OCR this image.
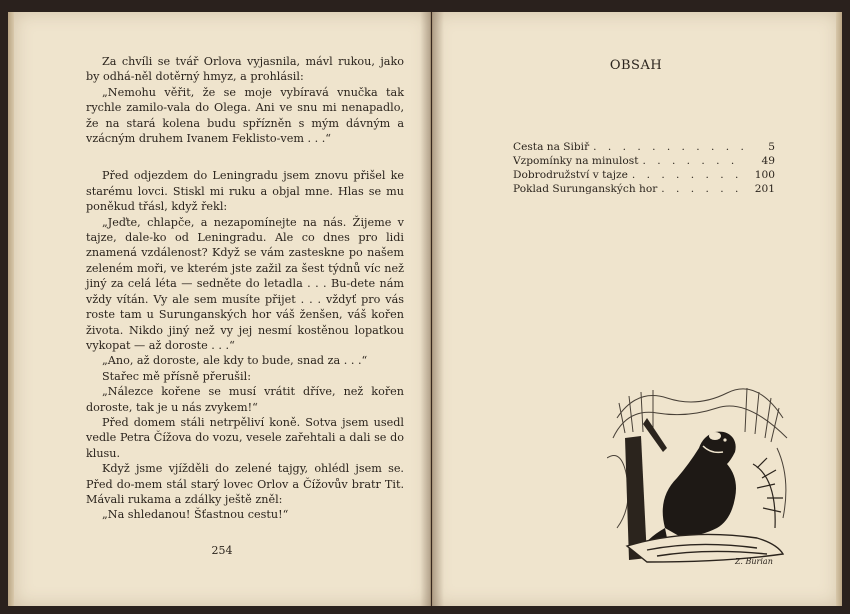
Za chvíli se tvář Orlova vyjasnila, mávl rukou, jako by odhá-něl dotěrný hmyz, a prohlásil:

„Nemohu věřit, že se moje vybíravá vnučka tak rychle zamilo-vala do Olega. Ani ve snu mi nenapadlo, že na stará kolena budu spřízněn s mým dávným a vzácným druhem Ivanem Feklisto-vem . . .“

Před odjezdem do Leningradu jsem znovu přišel ke starému lovci. Stiskl mi ruku a objal mne. Hlas se mu poněkud třásl, když řekl:

„Jeďte, chlapče, a nezapomínejte na nás. Žijeme v tajze, dale-ko od Leningradu. Ale co dnes pro lidi znamená vzdálenost? Když se vám zasteskne po našem zeleném moři, ve kterém jste zažil za šest týdnů víc než jiný za celá léta — sedněte do letadla . . . Bu-dete nám vždy vítán. Vy ale sem musíte přijet . . . vždyť pro vás roste tam u Surunganských hor váš ženšen, váš kořen života. Nikdo jiný než vy jej nesmí kostěnou lopatkou vykopat — až doroste . . .“

„Ano, až doroste, ale kdy to bude, snad za . . .“

Stařec mě přísně přerušil:

„Nálezce kořene se musí vrátit dříve, než kořen doroste, tak je u nás zvykem!“

Před domem stáli netrpěliví koně. Sotva jsem usedl vedle Petra Čížova do vozu, vesele zařehtali a dali se do klusu.

Když jsme vjížděli do zelené tajgy, ohlédl jsem se. Před do-mem stál starý lovec Orlov a Čížovův bratr Tit. Mávali rukama a zdálky ještě zněl:

„Na shledanou! Šťastnou cestu!“

254
OBSAH
Cesta na Sibiř . . .	5
Vzpomínky na minulost . . .	49
Dobrodružství v tajze . . .	100
Poklad Surunganských hor . . .	201
Z. Burian
